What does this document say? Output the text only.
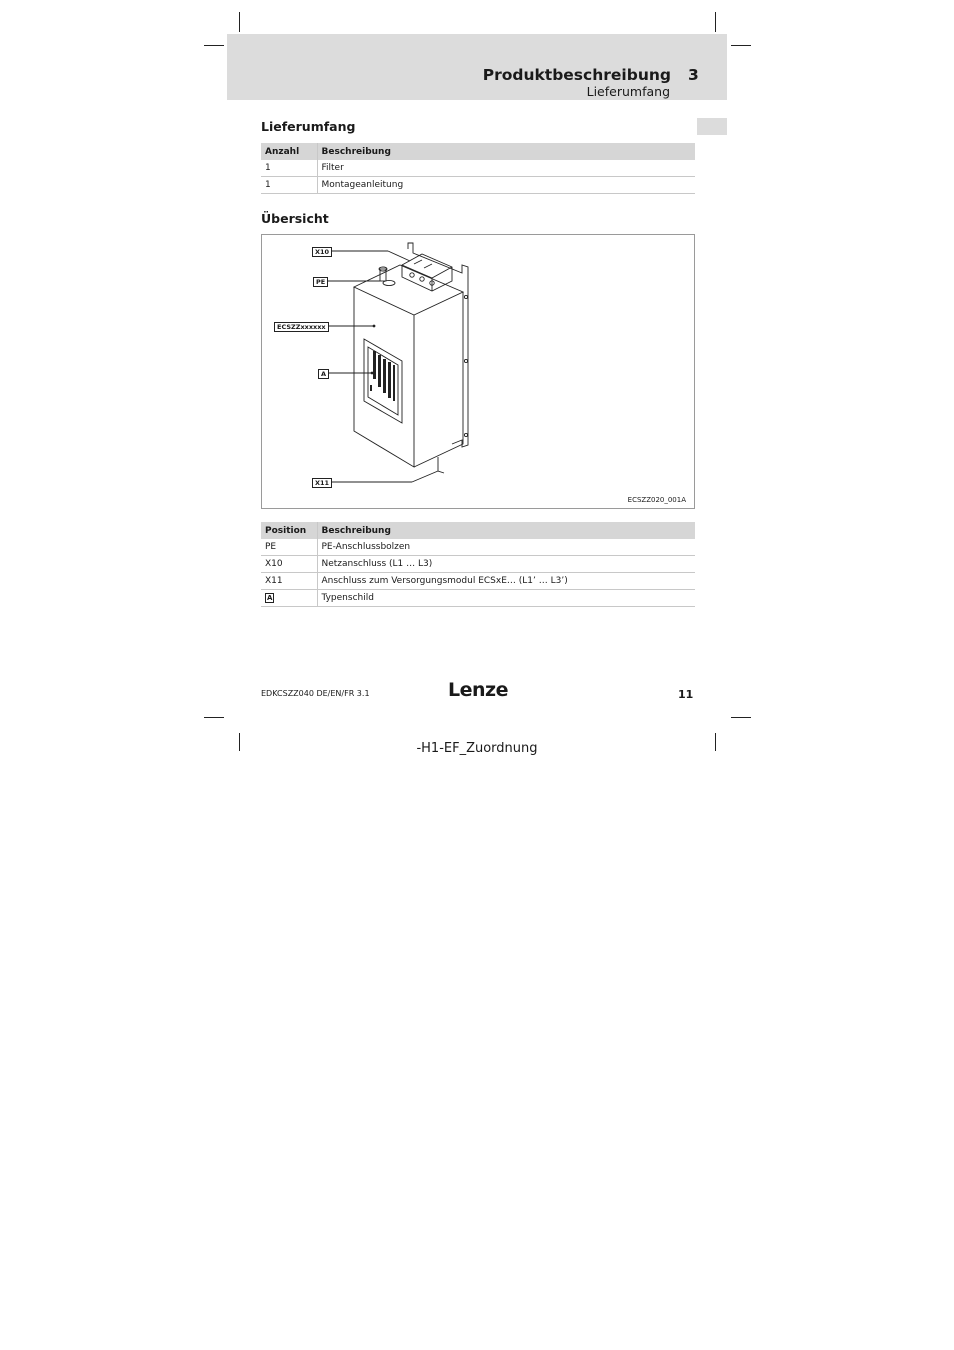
Produktbeschreibung 3
Lieferumfang
Lieferumfang
Anzahl	Beschreibung
1	Filter
1	Montageanleitung
Übersicht
X10
PE
ECSZZxxxxxx
A
X11
ECSZZ020_001A
Position	Beschreibung
PE	PE-Anschlussbolzen
X10	Netzanschluss (L1 … L3)
X11	Anschluss zum Versorgungsmodul ECSxE… (L1’ … L3’)
A	Typenschild
EDKCSZZ040 DE/EN/FR 3.1	Lenze	11
-H1-EF_Zuordnung
